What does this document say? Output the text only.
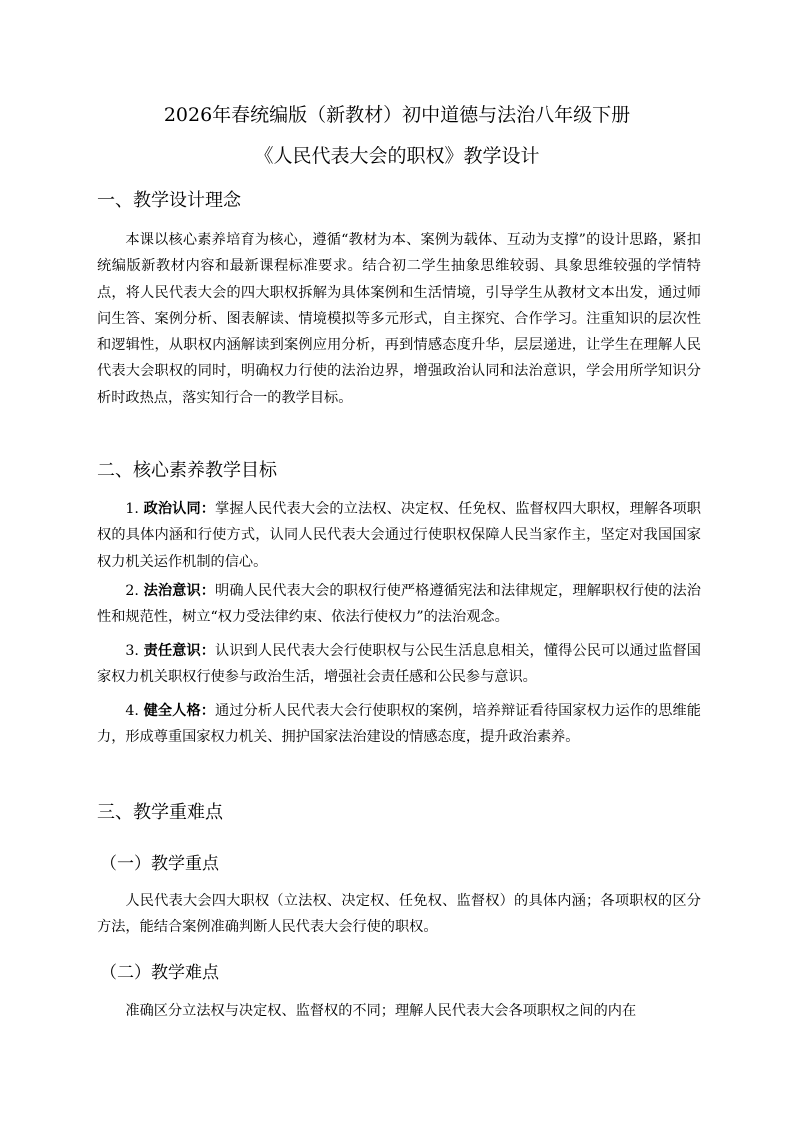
2026年春统编版（新教材）初中道德与法治八年级下册
《人民代表大会的职权》教学设计
一、教学设计理念

本课以核心素养培育为核心，遵循“教材为本、案例为载体、互动为支撑”的设计思路，紧扣统编版新教材内容和最新课程标准要求。结合初二学生抽象思维较弱、具象思维较强的学情特点，将人民代表大会的四大职权拆解为具体案例和生活情境，引导学生从教材文本出发，通过师问生答、案例分析、图表解读、情境模拟等多元形式，自主探究、合作学习。注重知识的层次性和逻辑性，从职权内涵解读到案例应用分析，再到情感态度升华，层层递进，让学生在理解人民代表大会职权的同时，明确权力行使的法治边界，增强政治认同和法治意识，学会用所学知识分析时政热点，落实知行合一的教学目标。

二、核心素养教学目标

1. 政治认同：掌握人民代表大会的立法权、决定权、任免权、监督权四大职权，理解各项职权的具体内涵和行使方式，认同人民代表大会通过行使职权保障人民当家作主，坚定对我国国家权力机关运作机制的信心。

2. 法治意识：明确人民代表大会的职权行使严格遵循宪法和法律规定，理解职权行使的法治性和规范性，树立“权力受法律约束、依法行使权力”的法治观念。

3. 责任意识：认识到人民代表大会行使职权与公民生活息息相关，懂得公民可以通过监督国家权力机关职权行使参与政治生活，增强社会责任感和公民参与意识。

4. 健全人格：通过分析人民代表大会行使职权的案例，培养辩证看待国家权力运作的思维能力，形成尊重国家权力机关、拥护国家法治建设的情感态度，提升政治素养。

三、教学重难点
（一）教学重点

人民代表大会四大职权（立法权、决定权、任免权、监督权）的具体内涵；各项职权的区分方法，能结合案例准确判断人民代表大会行使的职权。

（二）教学难点

准确区分立法权与决定权、监督权的不同；理解人民代表大会各项职权之间的内在
